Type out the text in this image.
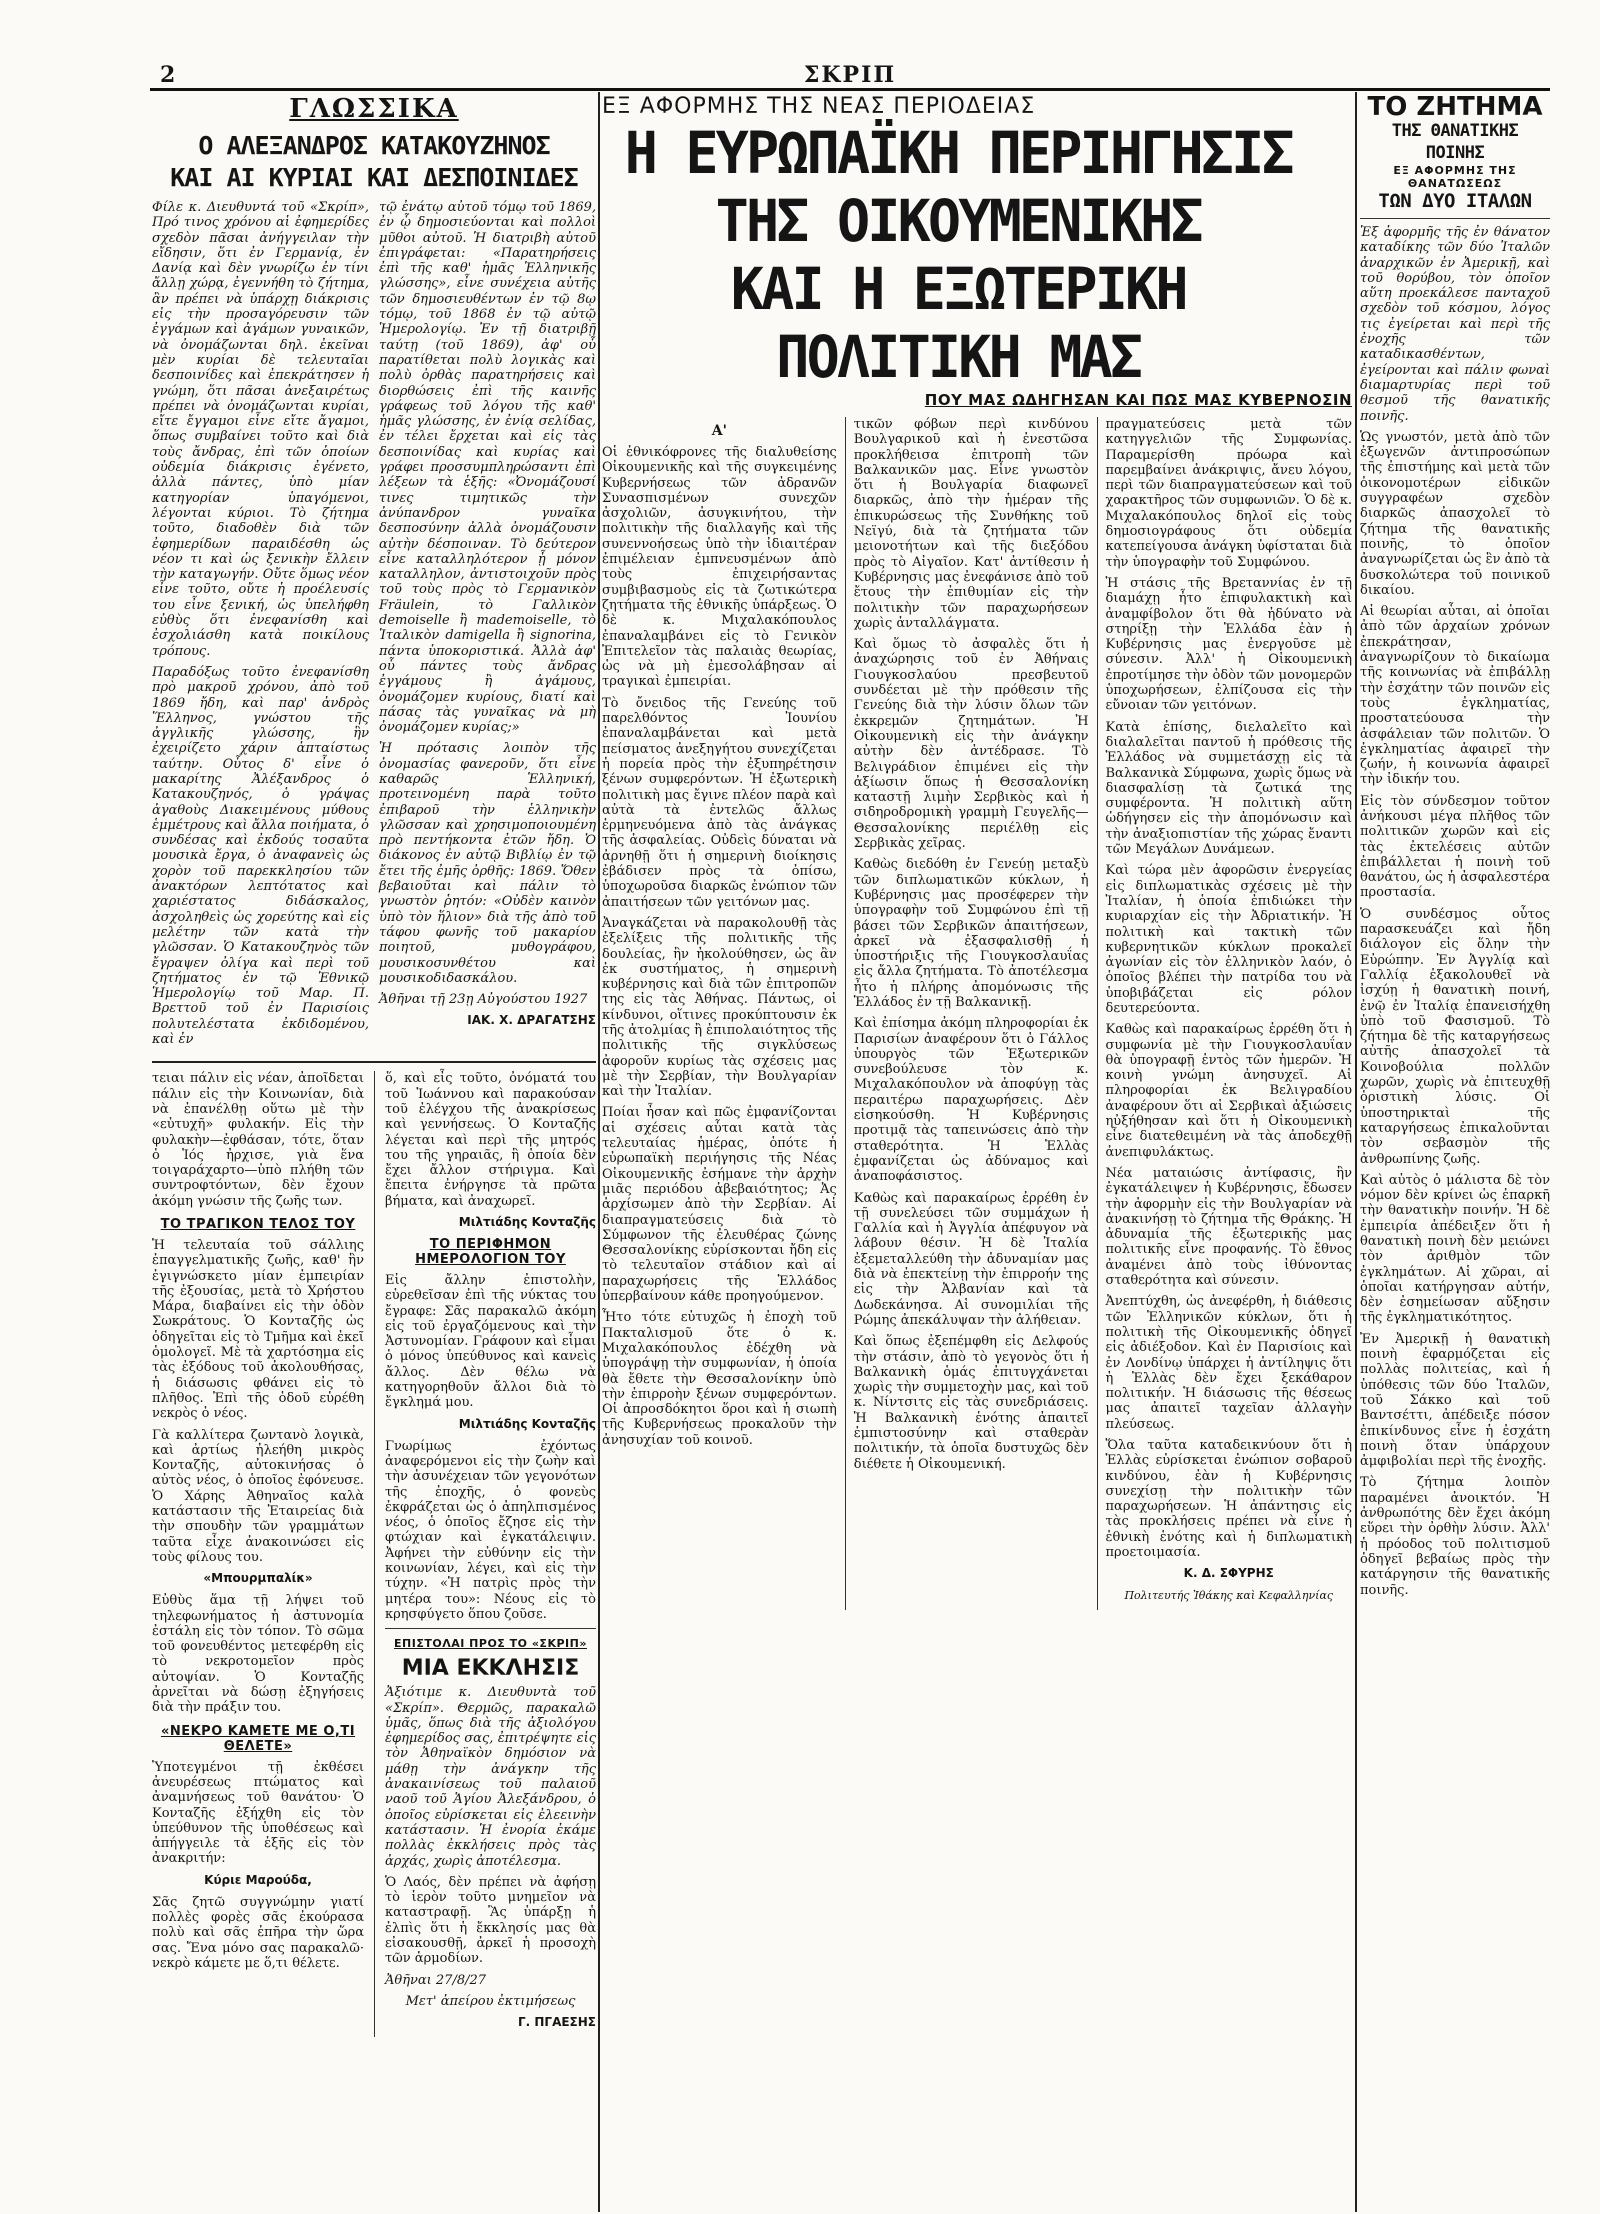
2	ΣΚΡΙΠ
ΓΛΩΣΣΙΚΑ
Ο ΑΛΕΞΑΝΔΡΟΣ ΚΑΤΑΚΟΥΖΗΝΟΣ
ΚΑΙ ΑΙ ΚΥΡΙΑΙ ΚΑΙ ΔΕΣΠΟΙΝΙΔΕΣ

Φίλε κ. Διευθυντά τοῦ «Σκρίπ», Πρό τινος χρόνου αἱ ἐφημερίδες σχεδὸν πᾶσαι ἀνήγγειλαν τὴν εἴδησιν, ὅτι ἐν Γερμανίᾳ, ἐν Δανίᾳ καὶ δὲν γνωρίζω ἐν τίνι ἄλλῃ χώρᾳ, ἐγεννήθη τὸ ζήτημα, ἂν πρέπει νὰ ὑπάρχῃ διάκρισις εἰς τὴν προσαγόρευσιν τῶν ἐγγάμων καὶ ἀγάμων γυναικῶν, νὰ ὀνομάζωνται δηλ. ἐκεῖναι μὲν κυρίαι δὲ τελευταῖαι δεσποινίδες καὶ ἐπεκράτησεν ἡ γνώμη, ὅτι πᾶσαι ἀνεξαιρέτως πρέπει νὰ ὀνομάζωνται κυρίαι, εἴτε ἔγγαμοι εἶνε εἴτε ἄγαμοι, ὅπως συμβαίνει τοῦτο καὶ διὰ τοὺς ἄνδρας, ἐπὶ τῶν ὁποίων οὐδεμία διάκρισις ἐγένετο, ἀλλὰ πάντες, ὑπὸ μίαν κατηγορίαν ὑπαγόμενοι, λέγονται κύριοι. Τὸ ζήτημα τοῦτο, διαδοθὲν διὰ τῶν ἐφημερίδων παραιδέσθη ὡς νέον τι καὶ ὡς ξενικὴν ἔλλειν τὴν καταγωγήν. Οὔτε ὅμως νέον εἶνε τοῦτο, οὔτε ἡ προέλευσίς του εἶνε ξενική, ὡς ὑπελήφθη εὐθὺς ὅτι ἐνεφανίσθη καὶ ἐσχολιάσθη κατὰ ποικίλους τρόπους.

Παραδόξως τοῦτο ἐνεφανίσθη πρὸ μακροῦ χρόνου, ἀπὸ τοῦ 1869 ἤδη, καὶ παρ' ἀνδρὸς Ἕλληνος, γνώστου τῆς ἀγγλικῆς γλώσσης, ἣν ἐχειρίζετο χάριν ἀπταίστως ταύτην. Οὗτος δ' εἶνε ὁ μακαρίτης Ἀλέξανδρος ὁ Κατακουζηνός, ὁ γράψας ἀγαθοὺς Διακειμένους μύθους ἑμμέτρους καὶ ἄλλα ποιήματα, ὁ συνδέσας καὶ ἐκδούς τοσαῦτα μουσικὰ ἔργα, ὁ ἀναφανεὶς ὡς χορὸν τοῦ παρεκκλησίου τῶν ἀνακτόρων λεπτότατος καὶ χαριέστατος διδάσκαλος, ἀσχοληθεὶς ὡς χορεύτης καὶ εἰς μελέτην τῶν κατὰ τὴν γλῶσσαν. Ὁ Κατακουζηνὸς τῶν ἔγραψεν ὀλίγα καὶ περὶ τοῦ ζητήματος ἐν τῷ Ἐθνικῷ Ἡμερολογίῳ τοῦ Μαρ. Π. Βρεττοῦ τοῦ ἐν Παρισίοις πολυτελέστατα ἐκδιδομένου, καὶ ἐν

τῷ ἐνάτῳ αὐτοῦ τόμῳ τοῦ 1869, ἐν ᾧ δημοσιεύονται καὶ πολλοὶ μῦθοι αὐτοῦ. Ἡ διατριβὴ αὐτοῦ ἐπιγράφεται: «Παρατηρήσεις ἐπὶ τῆς καθ' ἡμᾶς Ἑλληνικῆς γλώσσης», εἶνε συνέχεια αὐτῆς τῶν δημοσιευθέντων ἐν τῷ 8ῳ τόμῳ, τοῦ 1868 ἐν τῷ αὐτῷ Ἡμερολογίῳ. Ἐν τῇ διατριβῇ ταύτῃ (τοῦ 1869), ἀφ' οὗ παρατίθεται πολὺ λογικὰς καὶ πολὺ ὀρθὰς παρατηρήσεις καὶ διορθώσεις ἐπὶ τῆς καινῆς γράφεως τοῦ λόγου τῆς καθ' ἡμᾶς γλώσσης, ἐν ἐνίᾳ σελίδας, ἐν τέλει ἔρχεται καὶ εἰς τὰς δεσποινίδας καὶ κυρίας καὶ γράφει προσσυμπληρώσαντι ἐπὶ λέξεων τὰ ἑξῆς: «Ὀνομάζουσί τινες τιμητικῶς τὴν ἀνύπανδρον γυναῖκα δεσποσύνην ἀλλὰ ὀνομάζουσιν αὐτὴν δέσποιναν. Τὸ δεύτερον εἶνε καταλληλότερον ᾗ μόνον καταλληλον, ἀντιστοιχοῦν πρὸς τοῦ τοὺς πρὸς τὸ Γερμανικὸν Fräulein, τὸ Γαλλικὸν demoiselle ἢ mademoiselle, τὸ Ἰταλικὸν damigella ἢ signorina, πάντα ὑποκοριστικά. Ἀλλὰ ἀφ' οὗ πάντες τοὺς ἄνδρας ἐγγάμους ἢ ἀγάμους, ὀνομάζομεν κυρίους, διατί καὶ πάσας τὰς γυναῖκας νὰ μὴ ὀνομάζομεν κυρίας;»

Ἡ πρότασις λοιπὸν τῆς ὀνομασίας φανεροῦν, ὅτι εἶνε καθαρῶς Ἑλληνική, προτεινομένη παρὰ τοῦτο ἐπιβαροῦ τὴν ἑλληνικὴν γλῶσσαν καὶ χρησιμοποιουμένη πρὸ πεντήκοντα ἐτῶν ἤδη. Ὁ διάκονος ἐν αὐτῷ Βιβλίῳ ἐν τῷ ἔτει τῆς ἐμῆς ὀρθῆς: 1869. Ὅθεν βεβαιοῦται καὶ πάλιν τὸ γνωστὸν ῥητόν: «Οὐδὲν καινὸν ὑπὸ τὸν ἥλιον» διὰ τῆς ἀπὸ τοῦ τάφου φωνῆς τοῦ μακαρίου ποιητοῦ, μυθογράφου, μουσικοσυνθέτου καὶ μουσικοδιδασκάλου.

Ἀθῆναι τῇ 23ῃ Αὐγούστου 1927
ΙΑΚ. Χ. ΔΡΑΓΑΤΣΗΣ

τειαι πάλιν εἰς νέαν, ἀποῖδεται πάλιν εἰς τὴν Κοινωνίαν, διὰ νὰ ἐπανέλθῃ οὕτω μὲ τὴν «εὐτυχῆ» φυλακήν. Εἰς τὴν φυλακὴν—ἐφθάσαν, τότε, ὅταν ὁ Ἱός ἠρχισε, γιὰ ἕνα τοιγαράχαρτο—ὑπὸ πλήθη τῶν συντροφτόντων, δὲν ἔχουν ἀκόμη γνώσιν τῆς ζωῆς των.

ΤΟ ΤΡΑΓΙΚΟΝ ΤΕΛΟΣ ΤΟΥ

Ἡ τελευταία τοῦ σάλλιης ἐπαγγελματικῆς ζωῆς, καθ' ἣν ἐγιγνώσκετο μίαν ἐμπειρίαν τῆς ἐξουσίας, μετὰ τὸ Χρήστου Μάρα, διαβαίνει εἰς τὴν ὁδὸν Σωκράτους. Ὁ Κονταζῆς ὡς ὁδηγεῖται εἰς τὸ Τμῆμα καὶ ἐκεῖ ὁμολογεῖ. Μὲ τὰ χαρτόσημα εἰς τὰς ἐξόδους τοῦ ἀκολουθήσας, ἡ διάσωσις φθάνει εἰς τὸ πλῆθος. Ἐπὶ τῆς ὁδοῦ εὑρέθη νεκρὸς ὁ νέος.

Γὰ καλλίτερα ζωντανὸ λογικὰ, καὶ ἀρτίως ἠλεήθη μικρὸς Κονταζῆς, αὐτοκινήσας ὁ αὐτὸς νέος, ὁ ὁποῖος ἐφόνευσε. Ὁ Χάρης Ἀθηναῖος καλὰ κατάστασιν τῆς Ἐταιρείας διὰ τὴν σπουδὴν τῶν γραμμάτων ταῦτα εἶχε ἀνακοινώσει εἰς τοὺς φίλους του.

«Μπουρμπαλίκ»

Εὐθὺς ἅμα τῇ λήψει τοῦ τηλεφωνήματος ἡ ἀστυνομία ἐστάλη εἰς τὸν τόπον. Τὸ σῶμα τοῦ φονευθέντος μετεφέρθη εἰς τὸ νεκροτομεῖον πρὸς αὐτοψίαν. Ὁ Κονταζῆς ἀρνεῖται νὰ δώσῃ ἐξηγήσεις διὰ τὴν πράξιν του.

«ΝΕΚΡΟ ΚΑΜΕΤΕ ΜΕ Ο,ΤΙ ΘΕΛΕΤΕ»

Ὑποτεγμένοι τῇ ἐκθέσει ἀνευρέσεως πτώματος καὶ ἀναμνήσεως τοῦ θανάτου· Ὁ Κονταζῆς ἐξήχθη εἰς τὸν ὑπεύθυνον τῆς ὑποθέσεως καὶ ἀπήγγειλε τὰ ἑξῆς εἰς τὸν ἀνακριτήν:

Κύριε Μαρούδα,

Σᾶς ζητῶ συγγνώμην γιατί πολλὲς φορὲς σᾶς ἐκούρασα πολὺ καὶ σᾶς ἐπῆρα τὴν ὥρα σας. Ἔνα μόνο σας παρακαλῶ· νεκρὸ κάμετε με ὅ,τι θέλετε.

ὅ, καὶ εἶς τοῦτο, ὀνόματά του τοῦ Ἰωάννου καὶ παρακούσαν τοῦ ἐλέγχου τῆς ἀνακρίσεως καὶ γεννήσεως. Ὁ Κονταζῆς λέγεται καὶ περὶ τῆς μητρός του τῆς γηραιᾶς, ἣ ὁποία δὲν ἔχει ἄλλον στήριγμα. Καὶ ἔπειτα ἐνήργησε τὰ πρῶτα βήματα, καὶ ἀναχωρεῖ.

Μιλτιάδης Κονταζῆς
ΤΟ ΠΕΡΙΦΗΜΟΝ ΗΜΕΡΟΛΟΓΙΟΝ ΤΟΥ

Εἰς ἄλλην ἐπιστολὴν, εὑρεθεῖσαν ἐπὶ τῆς νύκτας του ἔγραφε: Σᾶς παρακαλῶ ἀκόμη εἰς τοῦ ἐργαζόμενους καὶ τὴν Ἀστυνομίαν. Γράφουν καὶ εἶμαι ὁ μόνος ὑπεύθυνος καὶ κανεὶς ἄλλος. Δὲν θέλω νὰ κατηγορηθοῦν ἄλλοι διὰ τὸ ἔγκλημά μου.

Μιλτιάδης Κονταζῆς

Γνωρίμως ἐχόντως ἀναφερόμενοι εἰς τὴν ζωὴν καὶ τὴν ἀσυνέχειαν τῶν γεγονότων τῆς ἐποχῆς, ὁ φονεὺς ἐκφράζεται ὡς ὁ ἀπηλπισμένος νέος, ὁ ὁποῖος ἔζησε εἰς τὴν φτώχιαν καὶ ἐγκατάλειψιν. Ἀφήνει τὴν εὐθύνην εἰς τὴν κοινωνίαν, λέγει, καὶ εἰς τὴν τύχην. «Ἡ πατρὶς πρὸς τὴν μητέρα του»: Νέους εἰς τὸ κρησφύγετο ὅπου ζοῦσε.

ΕΠΙΣΤΟΛΑΙ ΠΡΟΣ ΤΟ «ΣΚΡΙΠ»
ΜΙΑ ΕΚΚΛΗΣΙΣ

Ἀξιότιμε κ. Διευθυντὰ τοῦ «Σκρίπ». Θερμῶς, παρακαλῶ ὑμᾶς, ὅπως διὰ τῆς ἀξιολόγου ἐφημερίδος σας, ἐπιτρέψητε εἰς τὸν Ἀθηναϊκὸν δημόσιον νὰ μάθῃ τὴν ἀνάγκην τῆς ἀνακαινίσεως τοῦ παλαιοῦ ναοῦ τοῦ Ἁγίου Ἀλεξάνδρου, ὁ ὁποῖος εὑρίσκεται εἰς ἐλεεινὴν κατάστασιν. Ἡ ἐνορία ἐκάμε πολλὰς ἐκκλήσεις πρὸς τὰς ἀρχάς, χωρὶς ἀποτέλεσμα.

Ὁ Λαός, δὲν πρέπει νὰ ἀφήσῃ τὸ ἱερὸν τοῦτο μνημεῖον νὰ καταστραφῇ. Ἂς ὑπάρξῃ ἡ ἐλπὶς ὅτι ἡ ἔκκλησίς μας θὰ εἰσακουσθῇ, ἀρκεῖ ἡ προσοχὴ τῶν ἁρμοδίων.

Ἀθῆναι 27/8/27
Μετ' ἀπείρου ἐκτιμήσεως
Γ. ΠΓΑΕΣΗΣ
ΕΞ ΑΦΟΡΜΗΣ ΤΗΣ ΝΕΑΣ ΠΕΡΙΟΔΕΙΑΣ
Η ΕΥΡΩΠΑΪΚΗ ΠΕΡΙΗΓΗΣΙΣ ΤΗΣ ΟΙΚΟΥΜΕΝΙΚΗΣ
ΚΑΙ Η ΕΞΩΤΕΡΙΚΗ ΠΟΛΙΤΙΚΗ ΜΑΣ
ΠΟΥ ΜΑΣ ΩΔΗΓΗΣΑΝ ΚΑΙ ΠΩΣ ΜΑΣ ΚΥΒΕΡΝΟΣΙΝ
Α'

Οἱ ἐθνικόφρονες τῆς διαλυθείσης Οἰκουμενικῆς καὶ τῆς συγκειμένης Κυβερνήσεως τῶν ἀδρανῶν Συνασπισμένων συνεχῶν ἀσχολιῶν, ἀσυγκινήτου, τὴν πολιτικὴν τῆς διαλλαγῆς καὶ τῆς συνεννοήσεως ὑπὸ τὴν ἰδιαιτέραν ἐπιμέλειαν ἐμπνευσμένων ἀπὸ τοὺς ἐπιχειρήσαντας συμβιβασμοὺς εἰς τὰ ζωτικώτερα ζητήματα τῆς ἐθνικῆς ὑπάρξεως. Ὁ δὲ κ. Μιχαλακόπουλος ἐπαναλαμβάνει εἰς τὸ Γενικὸν Ἐπιτελεῖον τὰς παλαιὰς θεωρίας, ὡς νὰ μὴ ἐμεσολάβησαν αἱ τραγικαὶ ἐμπειρίαι.

Τὸ ὄνειδος τῆς Γενεύης τοῦ παρελθόντος Ἰουνίου ἐπαναλαμβάνεται καὶ μετὰ πείσματος ἀνεξηγήτου συνεχίζεται ἡ πορεία πρὸς τὴν ἐξυπηρέτησιν ξένων συμφερόντων. Ἡ ἐξωτερικὴ πολιτικὴ μας ἔγινε πλέον παρὰ καὶ αὐτὰ τὰ ἐντελῶς ἄλλως ἑρμηνευόμενα ἀπὸ τὰς ἀνάγκας τῆς ἀσφαλείας. Οὐδεὶς δύναται νὰ ἀρνηθῇ ὅτι ἡ σημερινὴ διοίκησις ἐβάδισεν πρὸς τὰ ὀπίσω, ὑποχωροῦσα διαρκῶς ἐνώπιον τῶν ἀπαιτήσεων τῶν γειτόνων μας.

Ἀναγκάζεται νὰ παρακολουθῇ τὰς ἐξελίξεις τῆς πολιτικῆς τῆς δουλείας, ἣν ἠκολούθησεν, ὡς ἂν ἐκ συστήματος, ἡ σημερινὴ κυβέρνησις καὶ διὰ τῶν ἐπιτροπῶν της εἰς τὰς Ἀθήνας. Πάντως, οἱ κίνδυνοι, οἵτινες προκύπτουσιν ἐκ τῆς ἀτολμίας ἢ ἐπιπολαιότητος τῆς πολιτικῆς τῆς σιγκλύσεως ἀφοροῦν κυρίως τὰς σχέσεις μας μὲ τὴν Σερβίαν, τὴν Βουλγαρίαν καὶ τὴν Ἰταλίαν.

Ποίαι ἦσαν καὶ πῶς ἐμφανίζονται αἱ σχέσεις αὗται κατὰ τὰς τελευταίας ἡμέρας, ὁπότε ἡ εὐρωπαϊκὴ περιήγησις τῆς Νέας Οἰκουμενικῆς ἐσήμανε τὴν ἀρχὴν μιᾶς περιόδου ἀβεβαιότητος; Ἀς ἀρχίσωμεν ἀπὸ τὴν Σερβίαν. Αἱ διαπραγματεύσεις διὰ τὸ Σύμφωνον τῆς ἐλευθέρας ζώνης Θεσσαλονίκης εὑρίσκονται ἤδη εἰς τὸ τελευταῖον στάδιον καὶ αἱ παραχωρήσεις τῆς Ἑλλάδος ὑπερβαίνουν κάθε προηγούμενον.

Ἦτο τότε εὐτυχῶς ἡ ἐποχὴ τοῦ Πακταλισμοῦ ὅτε ὁ κ. Μιχαλακόπουλος ἐδέχθη νὰ ὑπογράψῃ τὴν συμφωνίαν, ἡ ὁποία θὰ ἔθετε τὴν Θεσσαλονίκην ὑπὸ τὴν ἐπιρροὴν ξένων συμφερόντων. Οἱ ἀπροσδόκητοι ὅροι καὶ ἡ σιωπὴ τῆς Κυβερνήσεως προκαλοῦν τὴν ἀνησυχίαν τοῦ κοινοῦ.

τικῶν φόβων περὶ κινδύνου Βουλγαρικοῦ καὶ ἡ ἐνεστῶσα προκλήθεισα ἐπιτροπὴ τῶν Βαλκανικῶν μας. Εἶνε γνωστὸν ὅτι ἡ Βουλγαρία διαφωνεῖ διαρκῶς, ἀπὸ τὴν ἡμέραν τῆς ἐπικυρώσεως τῆς Συνθήκης τοῦ Νεϊγύ, διὰ τὰ ζητήματα τῶν μειονοτήτων καὶ τῆς διεξόδου πρὸς τὸ Αἰγαῖον. Κατ' ἀντίθεσιν ἡ Κυβέρνησις μας ἐνεφάνισε ἀπὸ τοῦ ἔτους τὴν ἐπιθυμίαν εἰς τὴν πολιτικὴν τῶν παραχωρήσεων χωρὶς ἀνταλλάγματα.

Καὶ ὅμως τὸ ἀσφαλὲς ὅτι ἡ ἀναχώρησις τοῦ ἐν Ἀθήναις Γιουγκοσλαύου πρεσβευτοῦ συνδέεται μὲ τὴν πρόθεσιν τῆς Γενεύης διὰ τὴν λύσιν ὅλων τῶν ἐκκρεμῶν ζητημάτων. Ἡ Οἰκουμενικὴ εἰς τὴν ἀνάγκην αὐτὴν δὲν ἀντέδρασε. Τὸ Βελιγράδιον ἐπιμένει εἰς τὴν ἀξίωσιν ὅπως ἡ Θεσσαλονίκη καταστῇ λιμὴν Σερβικὸς καὶ ἡ σιδηροδρομικὴ γραμμὴ Γευγελῆς—Θεσσαλονίκης περιέλθῃ εἰς Σερβικὰς χεῖρας.

Καθὼς διεδόθη ἐν Γενεύῃ μεταξὺ τῶν διπλωματικῶν κύκλων, ἡ Κυβέρνησις μας προσέφερεν τὴν ὑπογραφὴν τοῦ Συμφώνου ἐπὶ τῇ βάσει τῶν Σερβικῶν ἀπαιτήσεων, ἀρκεῖ νὰ ἐξασφαλισθῇ ἡ ὑποστήριξις τῆς Γιουγκοσλαυΐας εἰς ἄλλα ζητήματα. Τὸ ἀποτέλεσμα ἦτο ἡ πλήρης ἀπομόνωσις τῆς Ἑλλάδος ἐν τῇ Βαλκανικῇ.

Καὶ ἐπίσημα ἀκόμη πληροφορίαι ἐκ Παρισίων ἀναφέρουν ὅτι ὁ Γάλλος ὑπουργὸς τῶν Ἐξωτερικῶν συνεβούλευσε τὸν κ. Μιχαλακόπουλον νὰ ἀποφύγῃ τὰς περαιτέρω παραχωρήσεις. Δὲν εἰσηκούσθη. Ἡ Κυβέρνησις προτιμᾷ τὰς ταπεινώσεις ἀπὸ τὴν σταθερότητα. Ἡ Ἑλλὰς ἐμφανίζεται ὡς ἀδύναμος καὶ ἀναποφάσιστος.

Καθὼς καὶ παρακαίρως ἐρρέθη ἐν τῇ συνελεύσει τῶν συμμάχων ἡ Γαλλία καὶ ἡ Ἀγγλία ἀπέφυγον νὰ λάβουν θέσιν. Ἡ δὲ Ἰταλία ἐξεμεταλλεύθη τὴν ἀδυναμίαν μας διὰ νὰ ἐπεκτείνῃ τὴν ἐπιρροήν της εἰς τὴν Ἀλβανίαν καὶ τὰ Δωδεκάνησα. Αἱ συνομιλίαι τῆς Ρώμης ἀπεκάλυψαν τὴν ἀλήθειαν.

Καὶ ὅπως ἐξεπέμφθη εἰς Δελφούς τὴν στάσιν, ἀπὸ τὸ γεγονὸς ὅτι ἡ Βαλκανικὴ ὁμάς ἐπιτυγχάνεται χωρὶς τὴν συμμετοχὴν μας, καὶ τοῦ κ. Νίντσιτς εἰς τὰς συνεδριάσεις. Ἡ Βαλκανικὴ ἑνότης ἀπαιτεῖ ἐμπιστοσύνην καὶ σταθερὰν πολιτικήν, τὰ ὁποῖα δυστυχῶς δὲν διέθετε ἡ Οἰκουμενική.

πραγματεύσεις μετὰ τῶν κατηγγελιῶν τῆς Συμφωνίας. Παραμερίσθη πρόωρα καὶ παρεμβαίνει ἀνάκριψις, ἄνευ λόγου, περὶ τῶν διαπραγματεύσεων καὶ τοῦ χαρακτῆρος τῶν συμφωνιῶν. Ὁ δὲ κ. Μιχαλακόπουλος δηλοῖ εἰς τοὺς δημοσιογράφους ὅτι οὐδεμία κατεπείγουσα ἀνάγκη ὑφίσταται διὰ τὴν ὑπογραφὴν τοῦ Συμφώνου.

Ἡ στάσις τῆς Βρεταννίας ἐν τῇ διαμάχῃ ἦτο ἐπιφυλακτικὴ καὶ ἀναμφίβολον ὅτι θὰ ἠδύνατο νὰ στηρίξῃ τὴν Ἑλλάδα ἐὰν ἡ Κυβέρνησις μας ἐνεργοῦσε μὲ σύνεσιν. Ἀλλ' ἡ Οἰκουμενικὴ ἐπροτίμησε τὴν ὁδὸν τῶν μονομερῶν ὑποχωρήσεων, ἐλπίζουσα εἰς τὴν εὔνοιαν τῶν γειτόνων.

Κατὰ ἐπίσης, διελαλεῖτο καὶ διαλαλεῖται παντοῦ ἡ πρόθεσις τῆς Ἑλλάδος νὰ συμμετάσχῃ εἰς τὰ Βαλκανικὰ Σύμφωνα, χωρὶς ὅμως νὰ διασφαλίσῃ τὰ ζωτικά της συμφέροντα. Ἡ πολιτικὴ αὕτη ὡδήγησεν εἰς τὴν ἀπομόνωσιν καὶ τὴν ἀναξιοπιστίαν τῆς χώρας ἔναντι τῶν Μεγάλων Δυνάμεων.

Καὶ τώρα μὲν ἀφορῶσιν ἐνεργείας εἰς διπλωματικὰς σχέσεις μὲ τὴν Ἰταλίαν, ἡ ὁποία ἐπιδιώκει τὴν κυριαρχίαν εἰς τὴν Ἀδριατικήν. Ἡ πολιτικὴ καὶ τακτικὴ τῶν κυβερνητικῶν κύκλων προκαλεῖ ἀγωνίαν εἰς τὸν ἑλληνικὸν λαόν, ὁ ὁποῖος βλέπει τὴν πατρίδα του νὰ ὑποβιβάζεται εἰς ρόλον δευτερεύοντα.

Καθὼς καὶ παρακαίρως ἐρρέθη ὅτι ἡ συμφωνία μὲ τὴν Γιουγκοσλαυΐαν θὰ ὑπογραφῇ ἐντὸς τῶν ἡμερῶν. Ἡ κοινὴ γνώμη ἀνησυχεῖ. Αἱ πληροφορίαι ἐκ Βελιγραδίου ἀναφέρουν ὅτι αἱ Σερβικαὶ ἀξιώσεις ηὐξήθησαν καὶ ὅτι ἡ Οἰκουμενικὴ εἶνε διατεθειμένη νὰ τὰς ἀποδεχθῇ ἀνεπιφυλάκτως.

Νέα ματαιώσις ἀντίφασις, ἣν ἐγκατάλειψεν ἡ Κυβέρνησις, ἔδωσεν τὴν ἀφορμὴν εἰς τὴν Βουλγαρίαν νὰ ἀνακινήσῃ τὸ ζήτημα τῆς Θράκης. Ἡ ἀδυναμία τῆς ἐξωτερικῆς μας πολιτικῆς εἶνε προφανής. Τὸ ἔθνος ἀναμένει ἀπὸ τοὺς ἰθύνοντας σταθερότητα καὶ σύνεσιν.

Ἀνεπτύχθη, ὡς ἀνεφέρθη, ἡ διάθεσις τῶν Ἑλληνικῶν κύκλων, ὅτι ἡ πολιτικὴ τῆς Οἰκουμενικῆς ὁδηγεῖ εἰς ἀδιέξοδον. Καὶ ἐν Παρισίοις καὶ ἐν Λονδίνῳ ὑπάρχει ἡ ἀντίληψις ὅτι ἡ Ἑλλὰς δὲν ἔχει ξεκάθαρον πολιτικήν. Ἡ διάσωσις τῆς θέσεως μας ἀπαιτεῖ ταχεῖαν ἀλλαγὴν πλεύσεως.

Ὅλα ταῦτα καταδεικνύουν ὅτι ἡ Ἑλλὰς εὑρίσκεται ἐνώπιον σοβαροῦ κινδύνου, ἐὰν ἡ Κυβέρνησις συνεχίσῃ τὴν πολιτικὴν τῶν παραχωρήσεων. Ἡ ἀπάντησις εἰς τὰς προκλήσεις πρέπει νὰ εἶνε ἡ ἐθνικὴ ἑνότης καὶ ἡ διπλωματικὴ προετοιμασία.

Κ. Δ. ΣΦΥΡΗΣ
Πολιτευτής Ἰθάκης καὶ Κεφαλληνίας
ΤΟ ΖΗΤΗΜΑ
ΤΗΣ ΘΑΝΑΤΙΚΗΣ ΠΟΙΝΗΣ
ΕΞ ΑΦΟΡΜΗΣ ΤΗΣ ΘΑΝΑΤΩΣΕΩΣ
ΤΩΝ ΔΥΟ ΙΤΑΛΩΝ

Ἐξ ἀφορμῆς τῆς ἐν θάνατον καταδίκης τῶν δύο Ἰταλῶν ἀναρχικῶν ἐν Ἀμερικῇ, καὶ τοῦ θορύβου, τὸν ὁποῖον αὕτη προεκάλεσε πανταχοῦ σχεδὸν τοῦ κόσμου, λόγος τις ἐγείρεται καὶ περὶ τῆς ἐνοχῆς τῶν καταδικασθέντων, ἐγείρονται καὶ πάλιν φωναὶ διαμαρτυρίας περὶ τοῦ θεσμοῦ τῆς θανατικῆς ποινῆς.

Ὡς γνωστόν, μετὰ ἀπὸ τῶν ἐξωγενῶν ἀντιπροσώπων τῆς ἐπιστήμης καὶ μετὰ τῶν ὀικονομοτέρων εἰδικῶν συγγραφέων σχεδὸν διαρκῶς ἀπασχολεῖ τὸ ζήτημα τῆς θανατικῆς ποινῆς, τὸ ὁποῖον ἀναγνωρίζεται ὡς ἓν ἀπὸ τὰ δυσκολώτερα τοῦ ποινικοῦ δικαίου.

Αἱ θεωρίαι αὗται, αἱ ὁποῖαι ἀπὸ τῶν ἀρχαίων χρόνων ἐπεκράτησαν, ἀναγνωρίζουν τὸ δικαίωμα τῆς κοινωνίας νὰ ἐπιβάλλῃ τὴν ἐσχάτην τῶν ποινῶν εἰς τοὺς ἐγκληματίας, προστατεύουσα τὴν ἀσφάλειαν τῶν πολιτῶν. Ὁ ἐγκληματίας ἀφαιρεῖ τὴν ζωήν, ἡ κοινωνία ἀφαιρεῖ τὴν ἰδικήν του.

Εἰς τὸν σύνδεσμον τοῦτον ἀνήκουσι μέγα πλῆθος τῶν πολιτικῶν χωρῶν καὶ εἰς τὰς ἐκτελέσεις αὐτῶν ἐπιβάλλεται ἡ ποινὴ τοῦ θανάτου, ὡς ἡ ἀσφαλεστέρα προστασία.

Ὁ συνδέσμος οὗτος παρασκευάζει καὶ ἤδη διάλογον εἰς ὅλην τὴν Εὐρώπην. Ἐν Ἀγγλίᾳ καὶ Γαλλίᾳ ἐξακολουθεῖ νὰ ἰσχύῃ ἡ θανατικὴ ποινή, ἐνῷ ἐν Ἰταλίᾳ ἐπανεισήχθη ὑπὸ τοῦ Φασισμοῦ. Τὸ ζήτημα δὲ τῆς καταργήσεως αὐτῆς ἀπασχολεῖ τὰ Κοινοβούλια πολλῶν χωρῶν, χωρὶς νὰ ἐπιτευχθῇ ὁριστικὴ λύσις. Οἱ ὑποστηρικταὶ τῆς καταργήσεως ἐπικαλοῦνται τὸν σεβασμὸν τῆς ἀνθρωπίνης ζωῆς.

Καὶ αὐτὸς ὁ μάλιστα δὲ τὸν νόμον δὲν κρίνει ὡς ἐπαρκῆ τὴν θανατικὴν ποινήν. Ἡ δὲ ἐμπειρία ἀπέδειξεν ὅτι ἡ θανατικὴ ποινὴ δὲν μειώνει τὸν ἀριθμὸν τῶν ἐγκλημάτων. Αἱ χῶραι, αἱ ὁποῖαι κατήργησαν αὐτήν, δὲν ἐσημείωσαν αὔξησιν τῆς ἐγκληματικότητος.

Ἐν Ἀμερικῇ ἡ θανατικὴ ποινὴ ἐφαρμόζεται εἰς πολλὰς πολιτείας, καὶ ἡ ὑπόθεσις τῶν δύο Ἰταλῶν, τοῦ Σάκκο καὶ τοῦ Βαντσέττι, ἀπέδειξε πόσον ἐπικίνδυνος εἶνε ἡ ἐσχάτη ποινὴ ὅταν ὑπάρχουν ἀμφιβολίαι περὶ τῆς ἐνοχῆς.

Τὸ ζήτημα λοιπὸν παραμένει ἀνοικτόν. Ἡ ἀνθρωπότης δὲν ἔχει ἀκόμη εὕρει τὴν ὀρθὴν λύσιν. Ἀλλ' ἡ πρόοδος τοῦ πολιτισμοῦ ὁδηγεῖ βεβαίως πρὸς τὴν κατάργησιν τῆς θανατικῆς ποινῆς.
